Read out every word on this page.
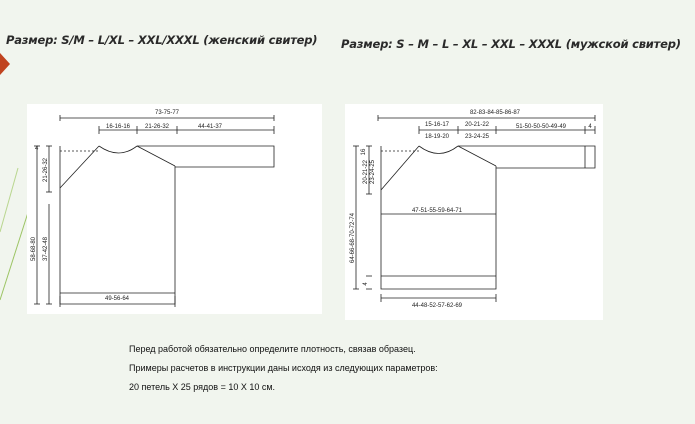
Размер: S/M – L/XL – XXL/XXXL (женский свитер) Размер: S – M – L – XL – XXL – XXXL (мужской свитер)
73-75-77
16-16-16 21-26-32	44-41-37
4
21-26-32
58-68-80 37-42-48
49-56-64
82-83-84-85-86-87
15-16-17
18-19-20
20-21-22
23-24-25
51-50-50-50-49-49	4
16
20-21-22 23-24-25
64-66-68-70-72-74
4
47-51-55-59-64-71
44-48-52-57-62-69
Перед работой обязательно определите плотность, связав образец.
Примеры расчетов в инструкции даны исходя из следующих параметров:
20 петель X 25 рядов = 10 X 10 см.
